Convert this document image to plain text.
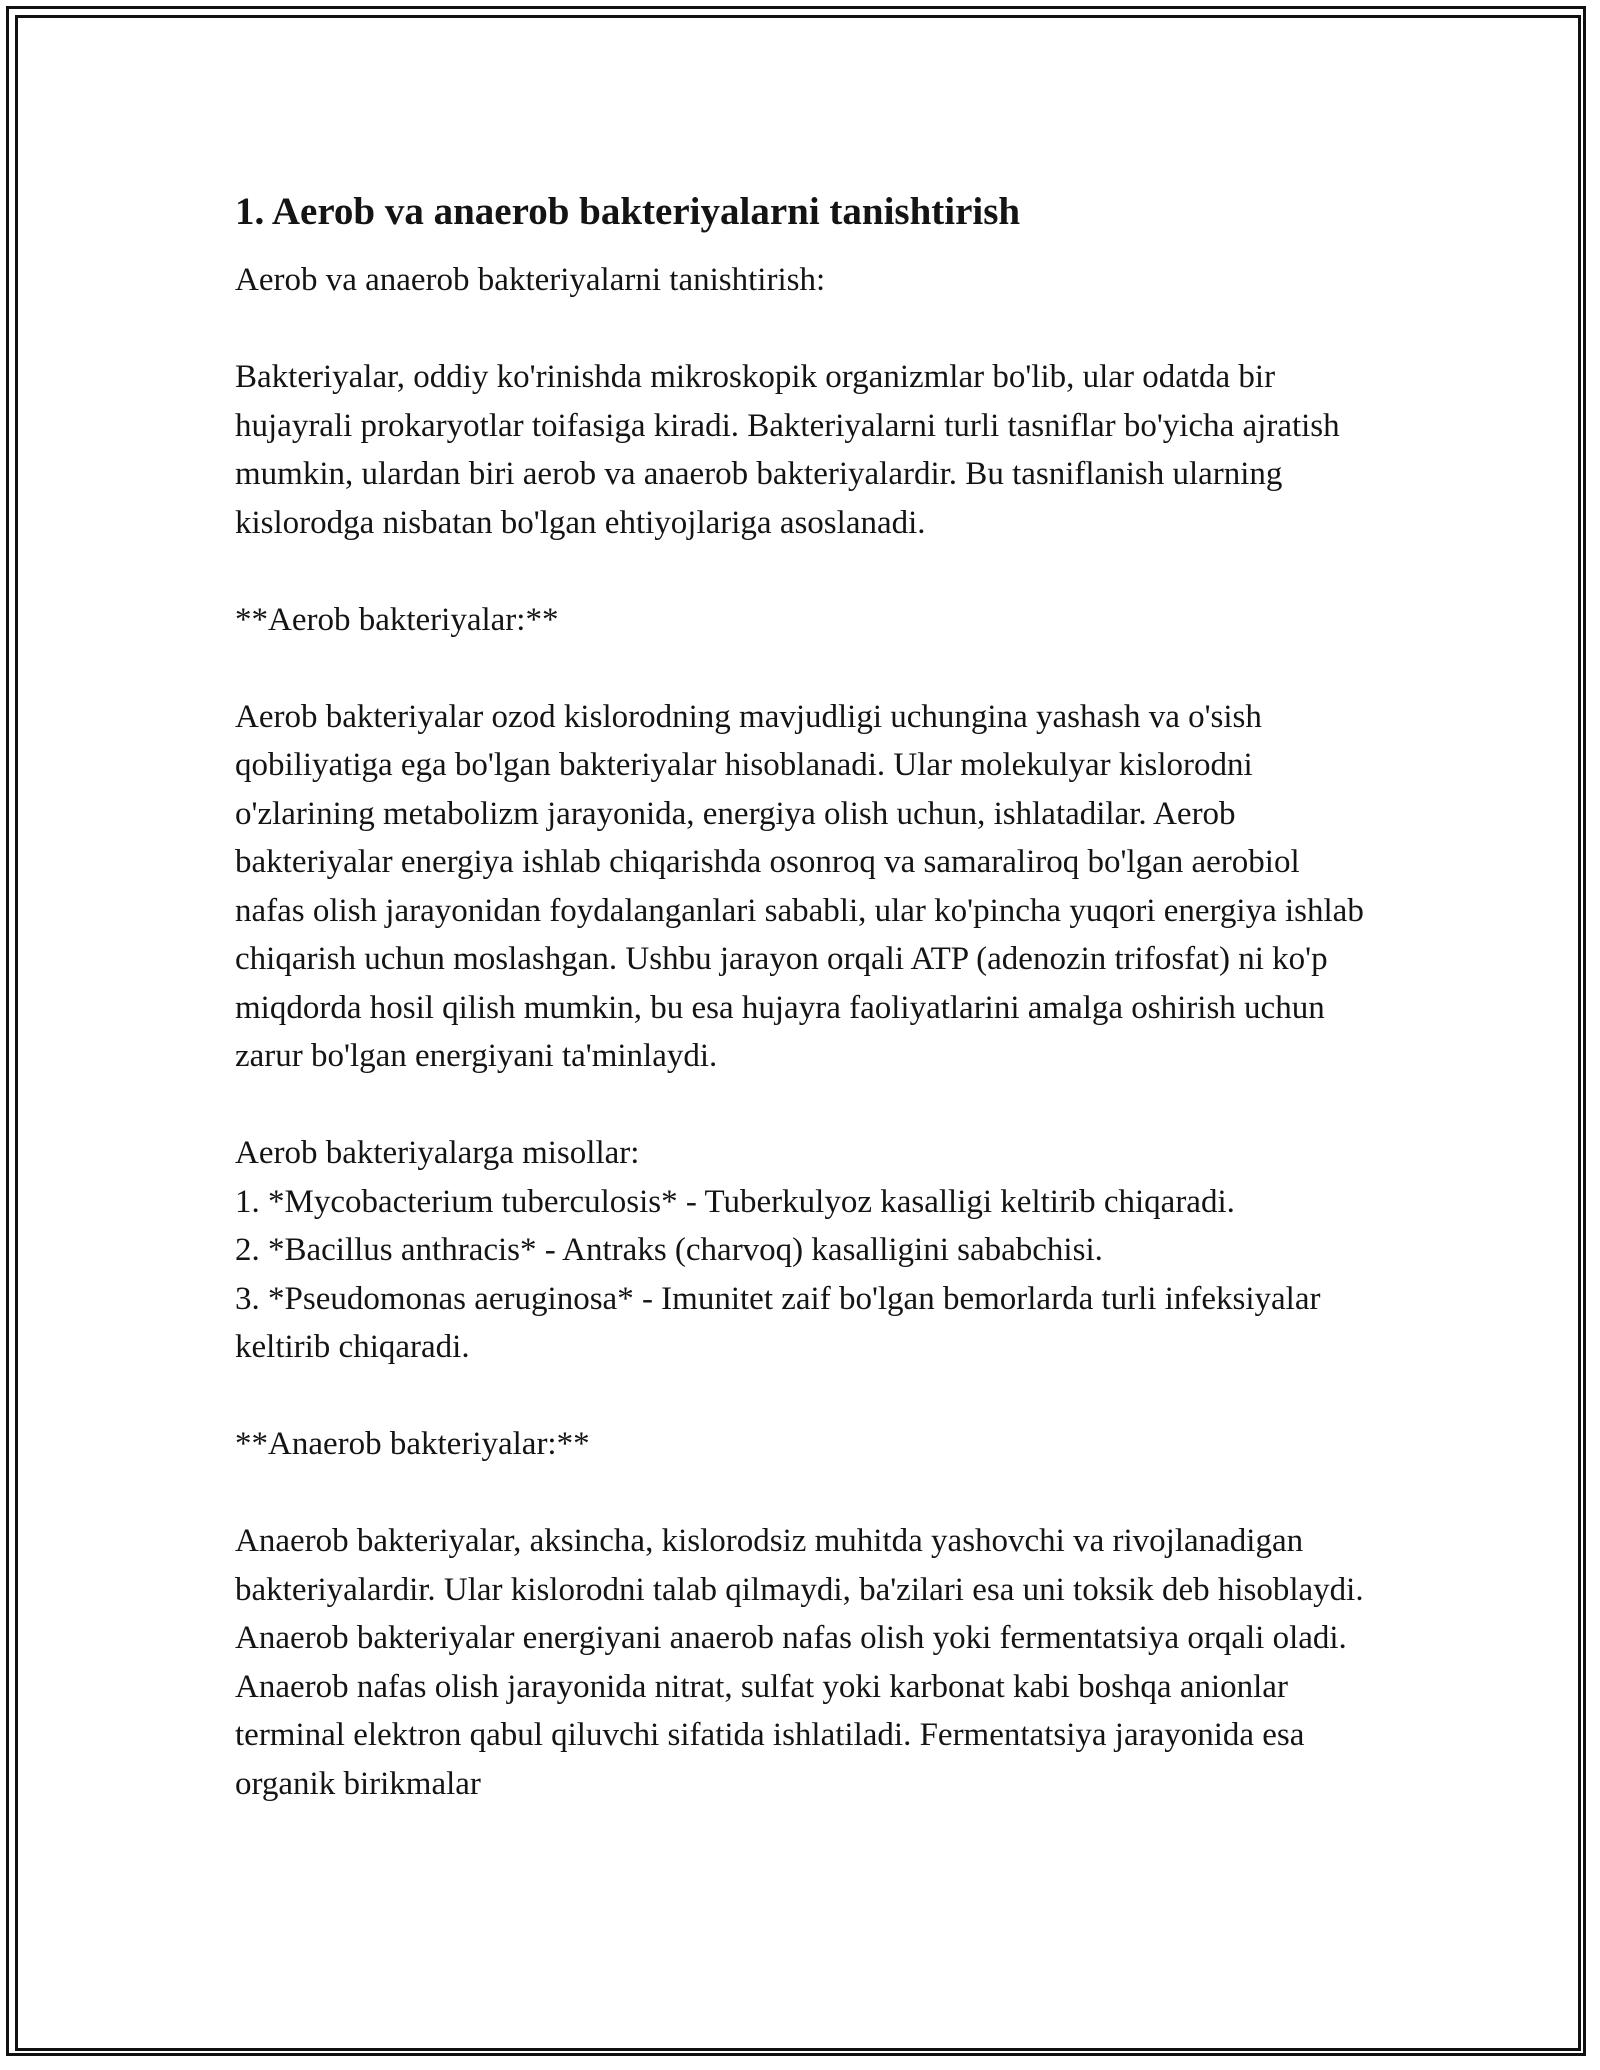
1. Aerob va anaerob bakteriyalarni tanishtirish

Aerob va anaerob bakteriyalarni tanishtirish:

Bakteriyalar, oddiy ko'rinishda mikroskopik organizmlar bo'lib, ular odatda bir hujayrali prokaryotlar toifasiga kiradi. Bakteriyalarni turli tasniflar bo'yicha ajratish mumkin, ulardan biri aerob va anaerob bakteriyalardir. Bu tasniflanish ularning kislorodga nisbatan bo'lgan ehtiyojlariga asoslanadi.

**Aerob bakteriyalar:**

Aerob bakteriyalar ozod kislorodning mavjudligi uchungina yashash va o'sish qobiliyatiga ega bo'lgan bakteriyalar hisoblanadi. Ular molekulyar kislorodni o'zlarining metabolizm jarayonida, energiya olish uchun, ishlatadilar. Aerob bakteriyalar energiya ishlab chiqarishda osonroq va samaraliroq bo'lgan aerobiol nafas olish jarayonidan foydalanganlari sababli, ular ko'pincha yuqori energiya ishlab chiqarish uchun moslashgan. Ushbu jarayon orqali ATP (adenozin trifosfat) ni ko'p miqdorda hosil qilish mumkin, bu esa hujayra faoliyatlarini amalga oshirish uchun zarur bo'lgan energiyani ta'minlaydi.

Aerob bakteriyalarga misollar:

1. *Mycobacterium tuberculosis* - Tuberkulyoz kasalligi keltirib chiqaradi.

2. *Bacillus anthracis* - Antraks (charvoq) kasalligini sababchisi.

3. *Pseudomonas aeruginosa* - Imunitet zaif bo'lgan bemorlarda turli infeksiyalar keltirib chiqaradi.

**Anaerob bakteriyalar:**

Anaerob bakteriyalar, aksincha, kislorodsiz muhitda yashovchi va rivojlanadigan bakteriyalardir. Ular kislorodni talab qilmaydi, ba'zilari esa uni toksik deb hisoblaydi. Anaerob bakteriyalar energiyani anaerob nafas olish yoki fermentatsiya orqali oladi. Anaerob nafas olish jarayonida nitrat, sulfat yoki karbonat kabi boshqa anionlar terminal elektron qabul qiluvchi sifatida ishlatiladi. Fermentatsiya jarayonida esa organik birikmalar
